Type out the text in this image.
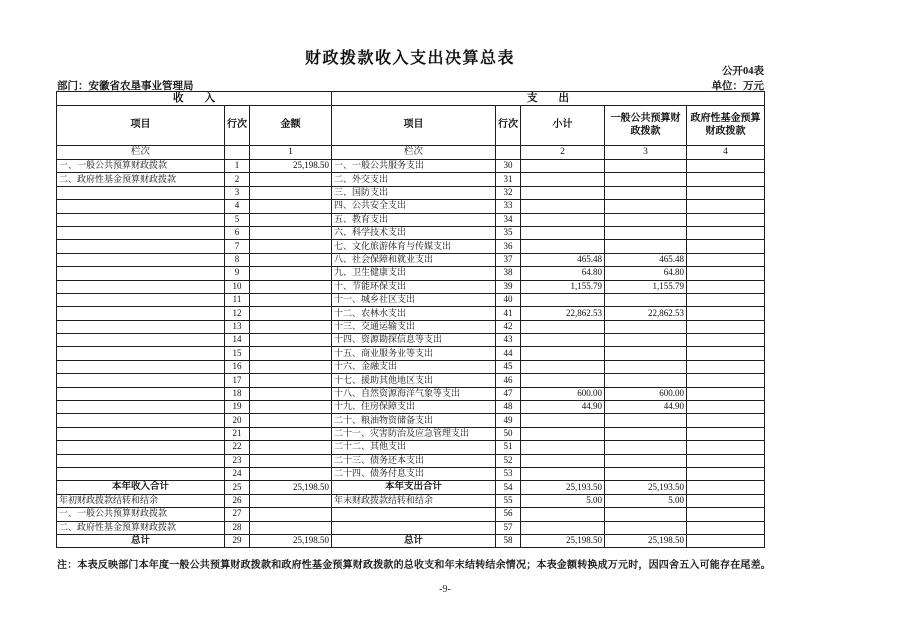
财政拨款收入支出决算总表
公开04表
部门：安徽省农垦事业管理局	单位：万元
收入			支出				
项目	行次	金额	项目	行次	小计	一般公共预算财政拨款	政府性基金预算财政拨款
栏次		1	栏次		2	3	4
一、一般公共预算财政拨款	1	25,198.50	一、一般公共服务支出	30			
二、政府性基金预算财政拨款	2		二、外交支出	31			
	3		三、国防支出	32			
	4		四、公共安全支出	33			
	5		五、教育支出	34			
	6		六、科学技术支出	35			
	7		七、文化旅游体育与传媒支出	36			
	8		八、社会保障和就业支出	37	465.48	465.48	
	9		九、卫生健康支出	38	64.80	64.80	
	10		十、节能环保支出	39	1,155.79	1,155.79	
	11		十一、城乡社区支出	40			
	12		十二、农林水支出	41	22,862.53	22,862.53	
	13		十三、交通运输支出	42			
	14		十四、资源勘探信息等支出	43			
	15		十五、商业服务业等支出	44			
	16		十六、金融支出	45			
	17		十七、援助其他地区支出	46			
	18		十八、自然资源海洋气象等支出	47	600.00	600.00	
	19		十九、住房保障支出	48	44.90	44.90	
	20		二十、粮油物资储备支出	49			
	21		二十一、灾害防治及应急管理支出	50			
	22		二十二、其他支出	51			
	23		二十三、债务还本支出	52			
	24		二十四、债务付息支出	53			
本年收入合计	25	25,198.50	本年支出合计	54	25,193.50	25,193.50	
年初财政拨款结转和结余	26		年末财政拨款结转和结余	55	5.00	5.00	
一、一般公共预算财政拨款	27			56			
二、政府性基金预算财政拨款	28			57			
总计	29	25,198.50	总计	58	25,198.50	25,198.50	
注：本表反映部门本年度一般公共预算财政拨款和政府性基金预算财政拨款的总收支和年末结转结余情况；本表金额转换成万元时，因四舍五入可能存在尾差。
-9-
